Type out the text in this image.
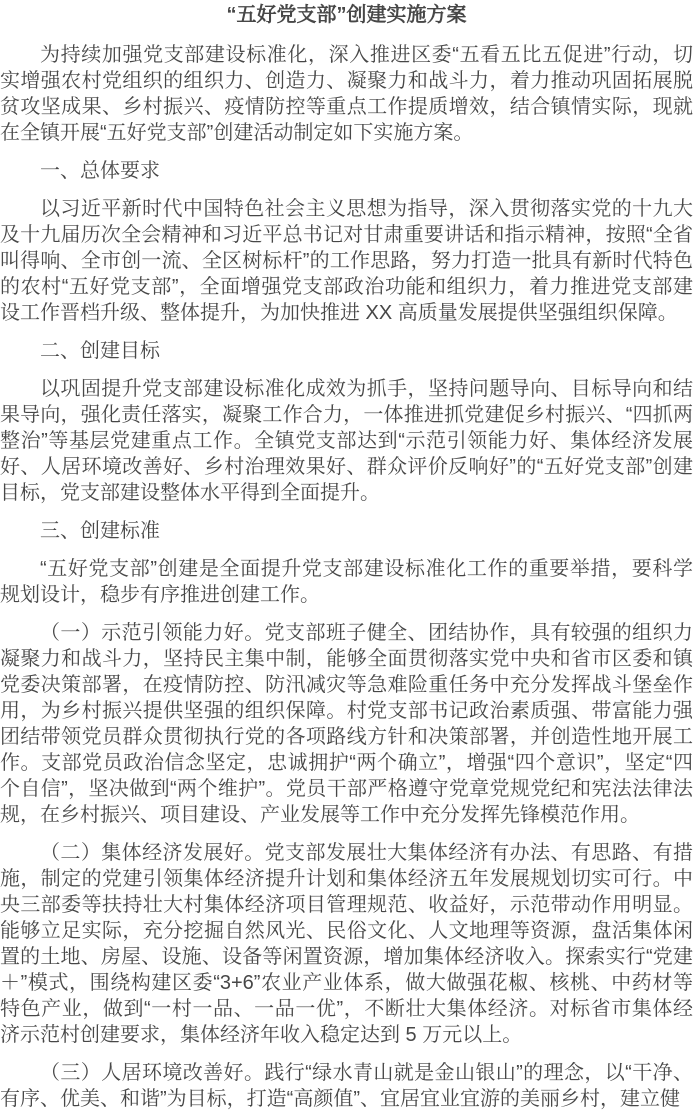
“五好党支部”创建实施方案

为持续加强党支部建设标准化，深入推进区委“五看五比五促进”行动，切实增强农村党组织的组织力、创造力、凝聚力和战斗力，着力推动巩固拓展脱贫攻坚成果、乡村振兴、疫情防控等重点工作提质增效，结合镇情实际，现就在全镇开展“五好党支部”创建活动制定如下实施方案。

一、总体要求

以习近平新时代中国特色社会主义思想为指导，深入贯彻落实党的十九大及十九届历次全会精神和习近平总书记对甘肃重要讲话和指示精神，按照“全省叫得响、全市创一流、全区树标杆”的工作思路，努力打造一批具有新时代特色的农村“五好党支部”，全面增强党支部政治功能和组织力，着力推进党支部建设工作晋档升级、整体提升，为加快推进 XX 高质量发展提供坚强组织保障。

二、创建目标

以巩固提升党支部建设标准化成效为抓手，坚持问题导向、目标导向和结果导向，强化责任落实，凝聚工作合力，一体推进抓党建促乡村振兴、“四抓两整治”等基层党建重点工作。全镇党支部达到“示范引领能力好、集体经济发展好、人居环境改善好、乡村治理效果好、群众评价反响好”的“五好党支部”创建目标，党支部建设整体水平得到全面提升。

三、创建标准

“五好党支部”创建是全面提升党支部建设标准化工作的重要举措，要科学规划设计，稳步有序推进创建工作。

（一）示范引领能力好。党支部班子健全、团结协作，具有较强的组织力凝聚力和战斗力，坚持民主集中制，能够全面贯彻落实党中央和省市区委和镇党委决策部署，在疫情防控、防汛减灾等急难险重任务中充分发挥战斗堡垒作用，为乡村振兴提供坚强的组织保障。村党支部书记政治素质强、带富能力强团结带领党员群众贯彻执行党的各项路线方针和决策部署，并创造性地开展工作。支部党员政治信念坚定，忠诚拥护“两个确立”，增强“四个意识”，坚定“四个自信”，坚决做到“两个维护”。党员干部严格遵守党章党规党纪和宪法法律法规，在乡村振兴、项目建设、产业发展等工作中充分发挥先锋模范作用。

（二）集体经济发展好。党支部发展壮大集体经济有办法、有思路、有措施，制定的党建引领集体经济提升计划和集体经济五年发展规划切实可行。中央三部委等扶持壮大村集体经济项目管理规范、收益好，示范带动作用明显。能够立足实际，充分挖掘自然风光、民俗文化、人文地理等资源，盘活集体闲置的土地、房屋、设施、设备等闲置资源，增加集体经济收入。探索实行“党建＋”模式，围绕构建区委“3+6”农业产业体系，做大做强花椒、核桃、中药材等特色产业，做到“一村一品、一品一优”，不断壮大集体经济。对标省市集体经济示范村创建要求，集体经济年收入稳定达到 5 万元以上。

（三）人居环境改善好。践行“绿水青山就是金山银山”的理念，以“干净、有序、优美、和谐”为目标，打造“高颜值”、宜居宜业宜游的美丽乡村，建立健
